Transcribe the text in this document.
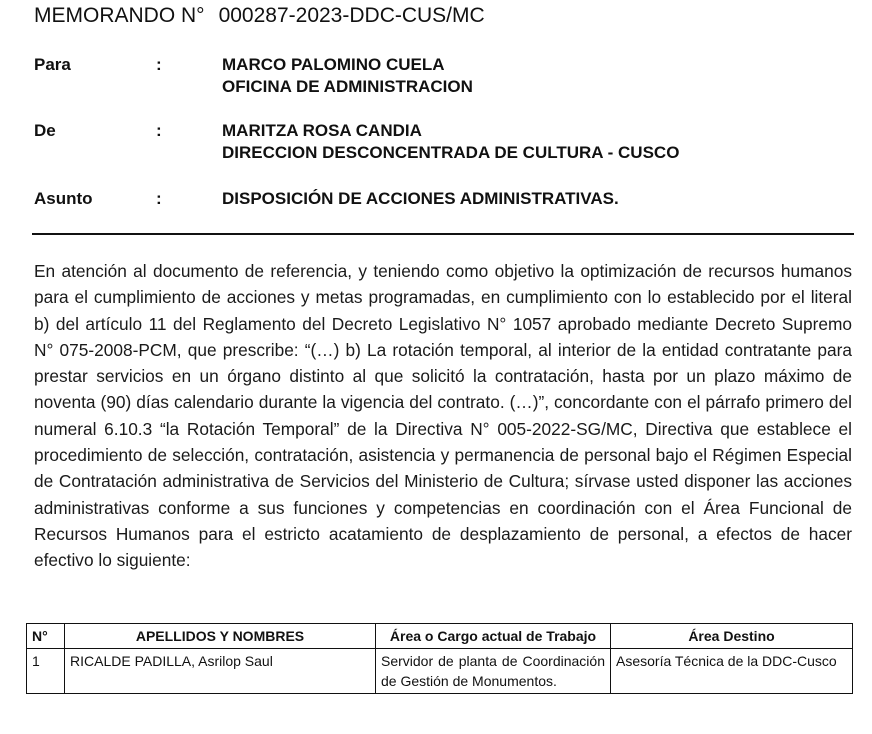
MEMORANDO N° 000287-2023-DDC-CUS/MC
Para	:	MARCO PALOMINO CUELA
OFICINA DE ADMINISTRACION
De	:	MARITZA ROSA CANDIA
DIRECCION DESCONCENTRADA DE CULTURA - CUSCO
Asunto	:	DISPOSICIÓN DE ACCIONES ADMINISTRATIVAS.
En atención al documento de referencia, y teniendo como objetivo la optimización de recursos humanos para el cumplimiento de acciones y metas programadas, en cumplimiento con lo establecido por el literal b) del artículo 11 del Reglamento del Decreto Legislativo N° 1057 aprobado mediante Decreto Supremo N° 075-2008-PCM, que prescribe: “(…) b) La rotación temporal, al interior de la entidad contratante para prestar servicios en un órgano distinto al que solicitó la contratación, hasta por un plazo máximo de noventa (90) días calendario durante la vigencia del contrato. (…)”, concordante con el párrafo primero del numeral 6.10.3 “la Rotación Temporal” de la Directiva N° 005-2022-SG/MC, Directiva que establece el procedimiento de selección, contratación, asistencia y permanencia de personal bajo el Régimen Especial de Contratación administrativa de Servicios del Ministerio de Cultura; sírvase usted disponer las acciones administrativas conforme a sus funciones y competencias en coordinación con el Área Funcional de Recursos Humanos para el estricto acatamiento de desplazamiento de personal, a efectos de hacer efectivo lo siguiente:
N°	APELLIDOS Y NOMBRES	Área o Cargo actual de Trabajo	Área Destino
1	RICALDE PADILLA, Asrilop Saul	Servidor de planta de Coordinación de Gestión de Monumentos.	Asesoría Técnica de la DDC-Cusco
